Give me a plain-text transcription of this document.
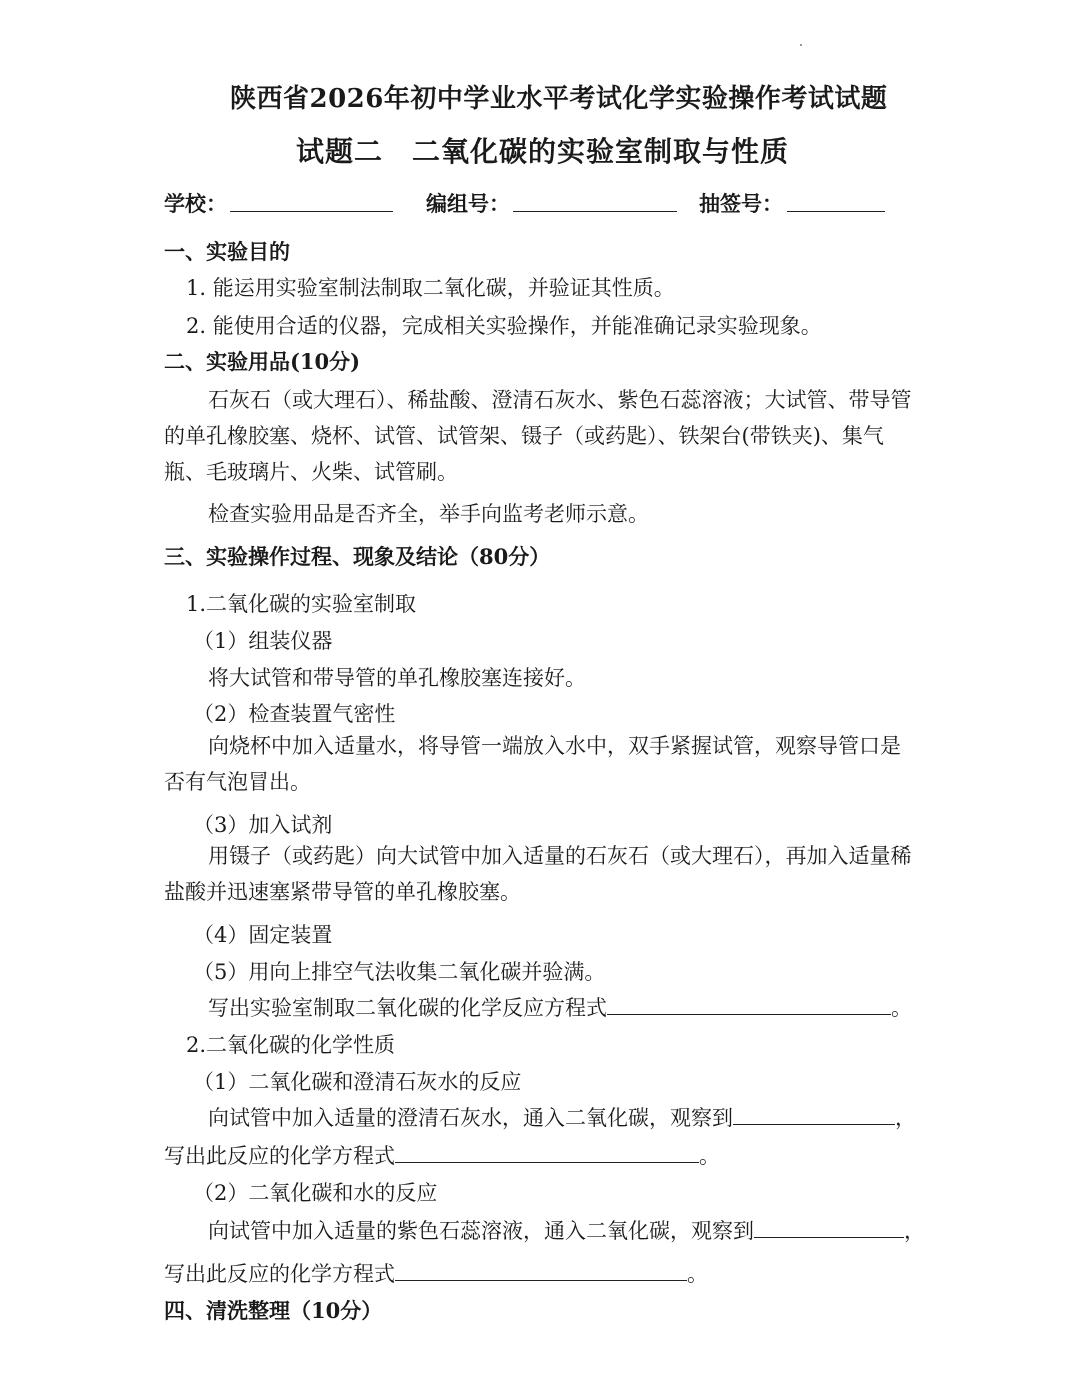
陕西省2026年初中学业水平考试化学实验操作考试试题
试题二　二氧化碳的实验室制取与性质
学校：	编组号：	抽签号：
一、实验目的
1. 能运用实验室制法制取二氧化碳，并验证其性质。
2. 能使用合适的仪器，完成相关实验操作，并能准确记录实验现象。
二、实验用品(10分)
石灰石（或大理石）、稀盐酸、澄清石灰水、紫色石蕊溶液；大试管、带导管的单孔橡胶塞、烧杯、试管、试管架、镊子（或药匙）、铁架台(带铁夹)、集气瓶、毛玻璃片、火柴、试管刷。
检查实验用品是否齐全，举手向监考老师示意。
三、实验操作过程、现象及结论（80分）
1.二氧化碳的实验室制取
（1）组装仪器
将大试管和带导管的单孔橡胶塞连接好。
（2）检查装置气密性
向烧杯中加入适量水，将导管一端放入水中，双手紧握试管，观察导管口是否有气泡冒出。
（3）加入试剂
用镊子（或药匙）向大试管中加入适量的石灰石（或大理石），再加入适量稀盐酸并迅速塞紧带导管的单孔橡胶塞。
（4）固定装置
（5）用向上排空气法收集二氧化碳并验满。
写出实验室制取二氧化碳的化学反应方程式	。
2.二氧化碳的化学性质
（1）二氧化碳和澄清石灰水的反应
向试管中加入适量的澄清石灰水，通入二氧化碳，观察到	，
写出此反应的化学方程式	。
（2）二氧化碳和水的反应
向试管中加入适量的紫色石蕊溶液，通入二氧化碳，观察到	，
写出此反应的化学方程式	。
四、清洗整理（10分）
